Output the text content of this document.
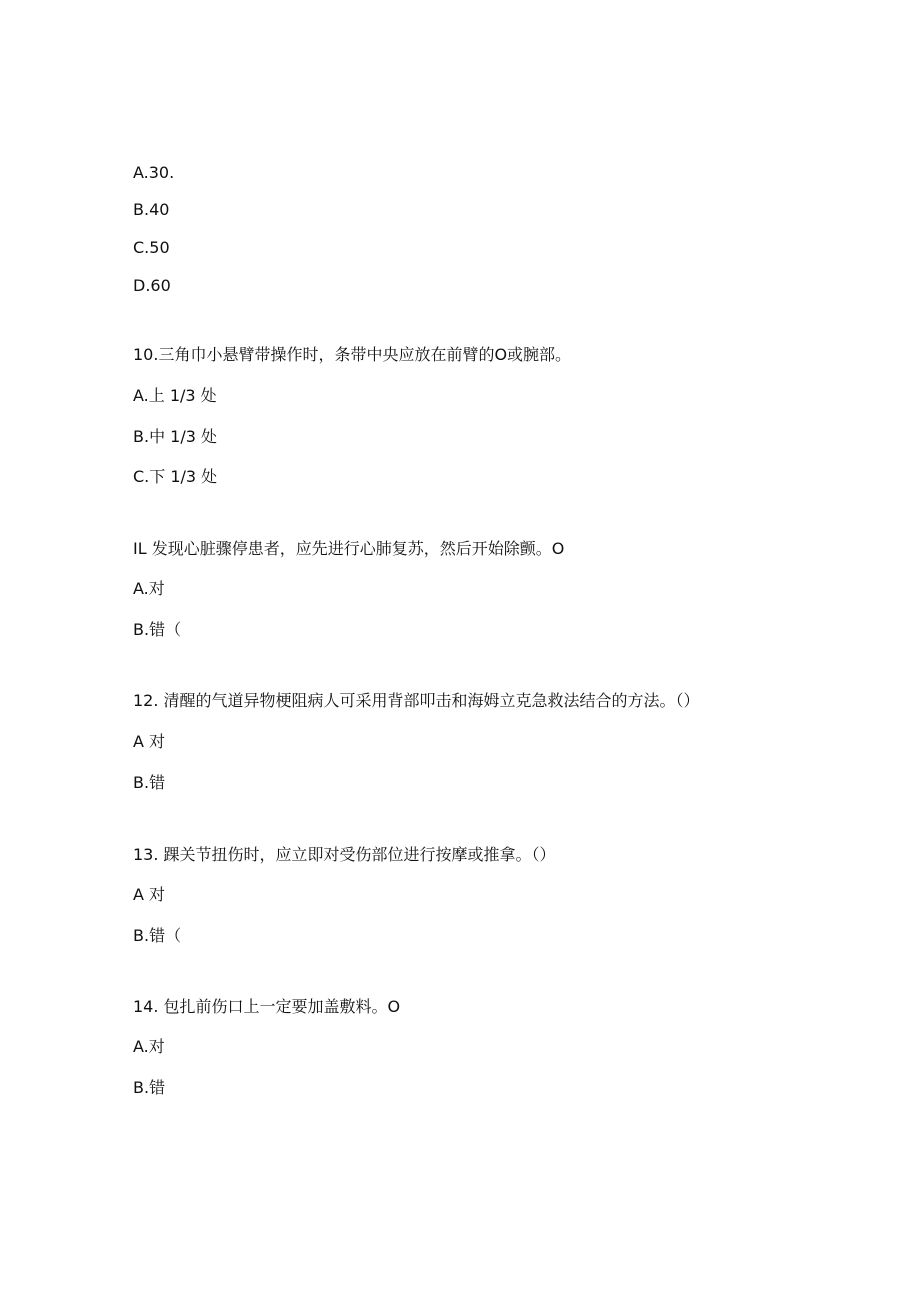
A.30.
B.40
C.50
D.60
10.三角巾小悬臂带操作时，条带中央应放在前臂的O或腕部。
A.上 1/3 处
B.中 1/3 处
C.下 1/3 处
IL 发现心脏骤停患者，应先进行心肺复苏，然后开始除颤。O
A.对
B.错（
12. 清醒的气道异物梗阻病人可采用背部叩击和海姆立克急救法结合的方法。（）
A 对
B.错
13. 踝关节扭伤时，应立即对受伤部位进行按摩或推拿。（）
A 对
B.错（
14. 包扎前伤口上一定要加盖敷料。O
A.对
B.错
